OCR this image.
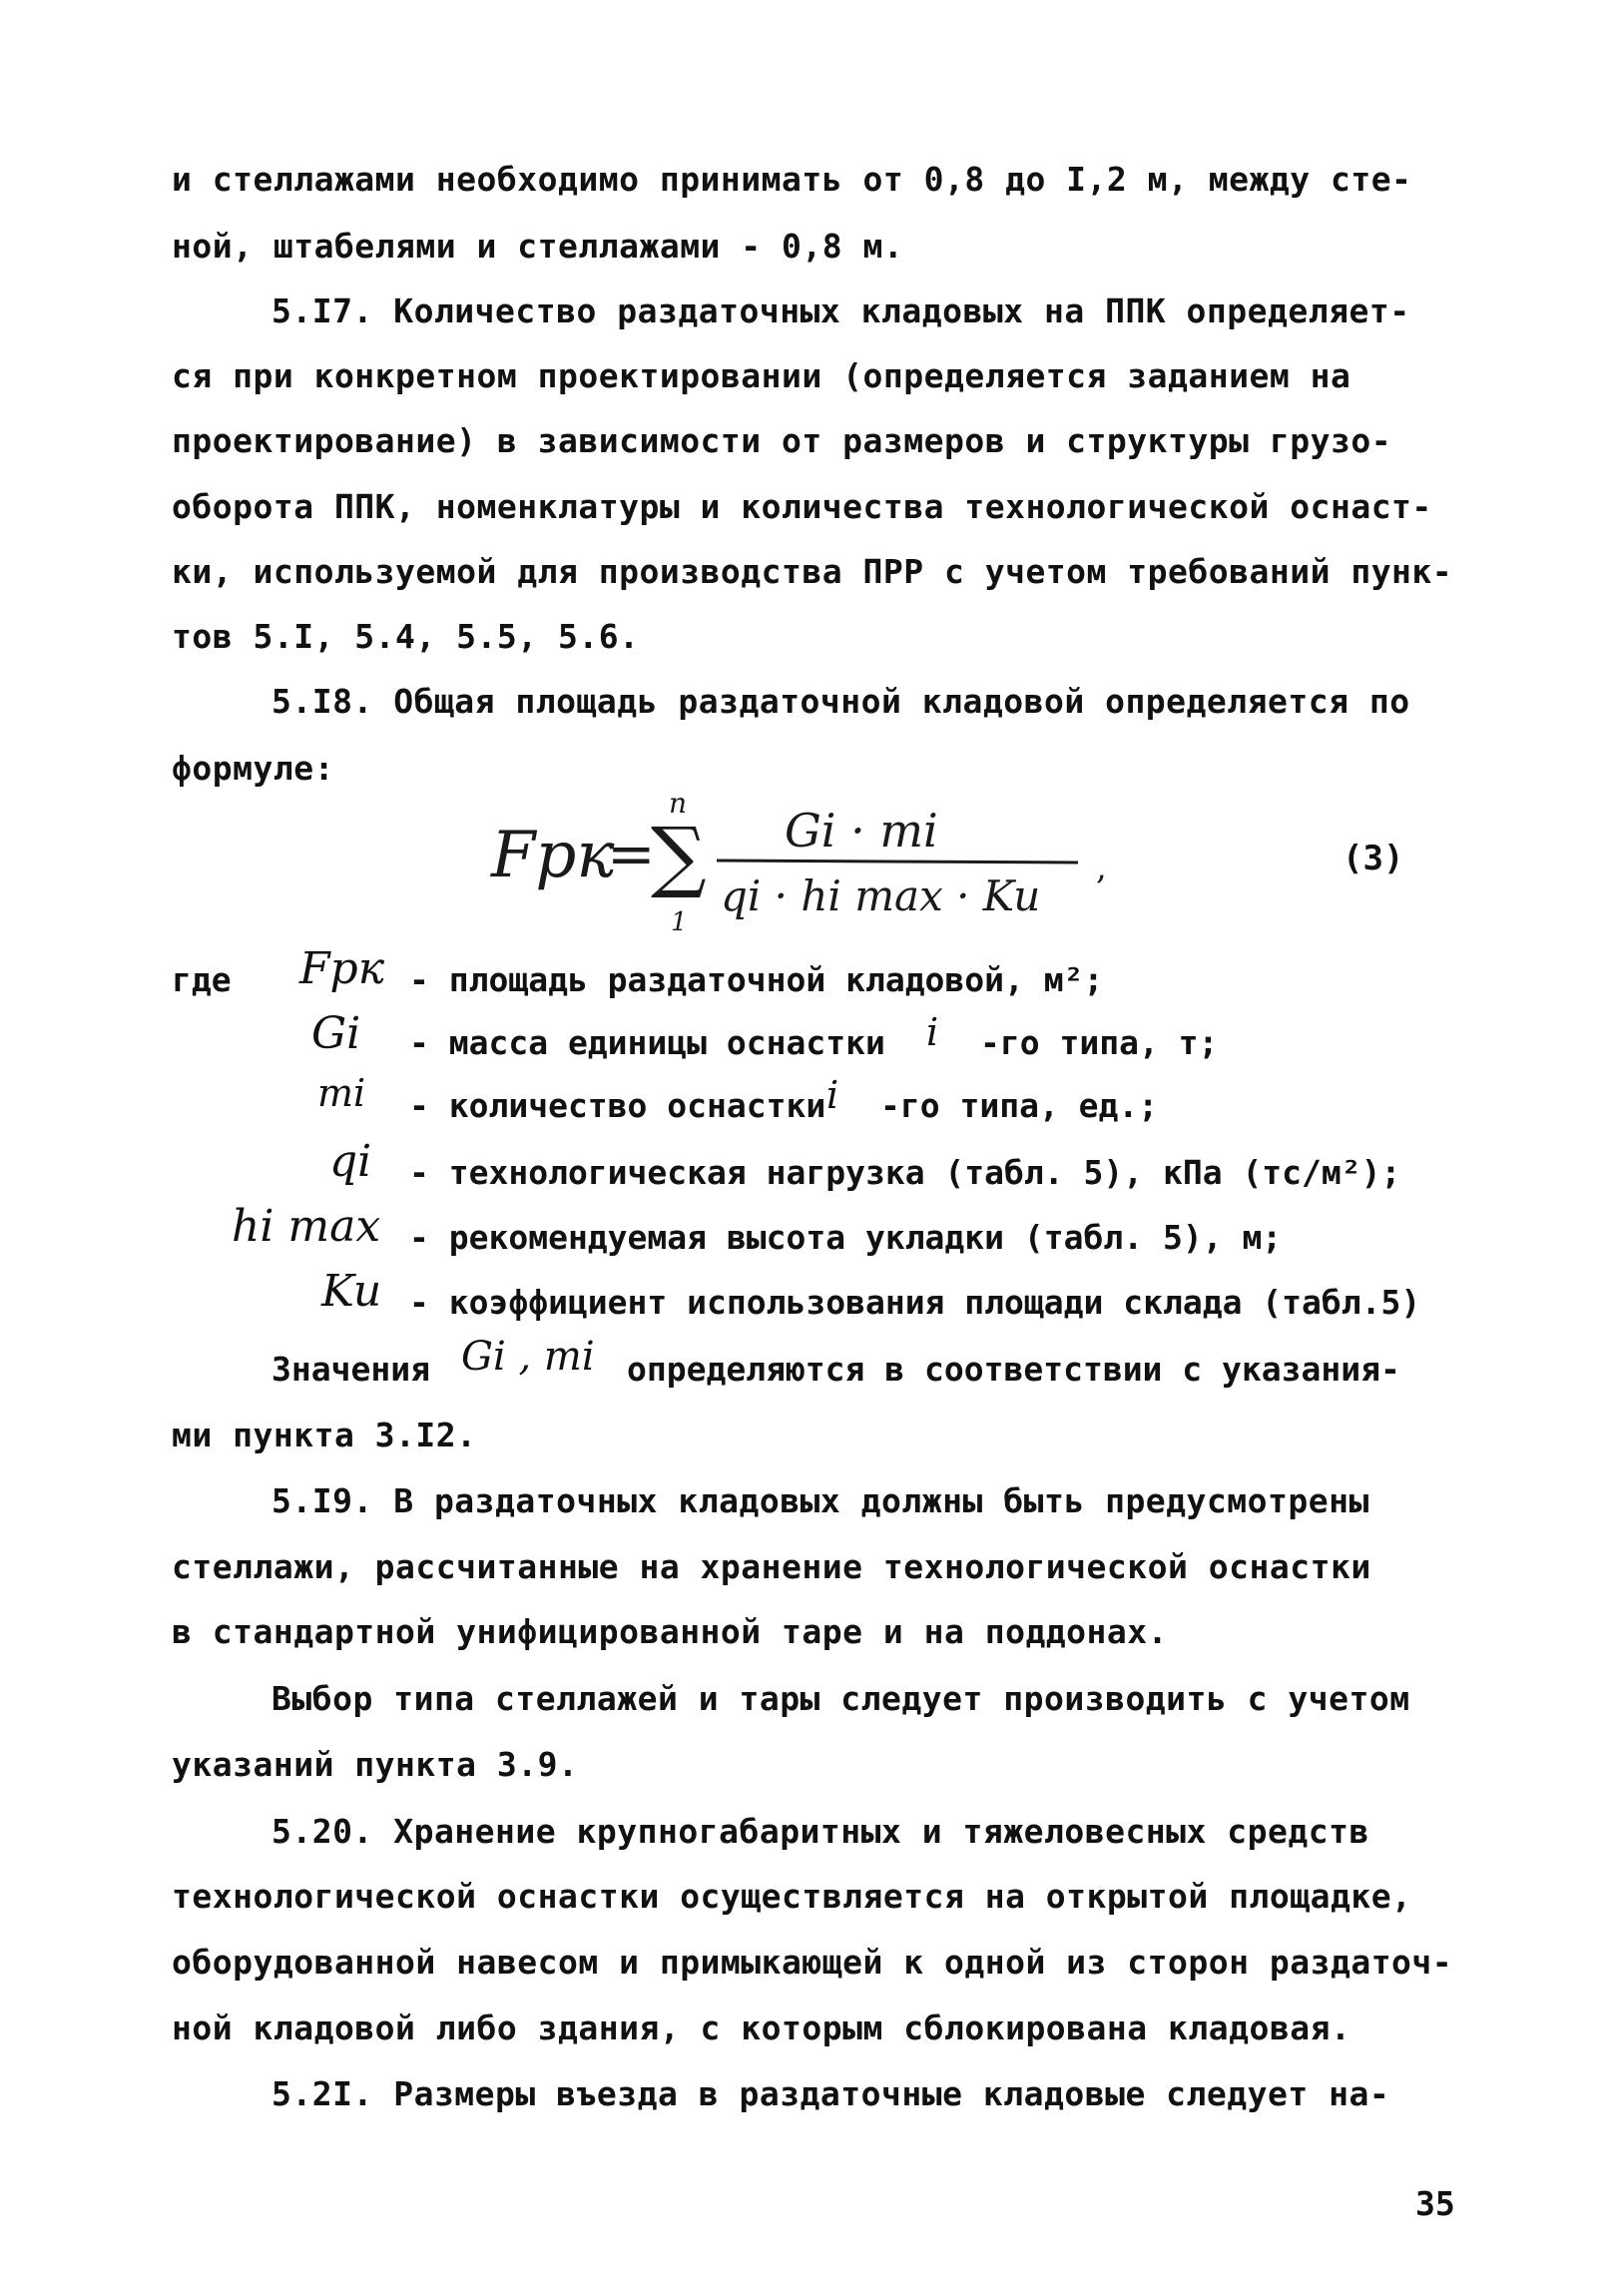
и стеллажами необходимо принимать от 0,8 до I,2 м, между сте-
ной, штабелями и стеллажами - 0,8 м.
5.I7. Количество раздаточных кладовых на ППК определяет-
ся при конкретном проектировании (определяется заданием на
проектирование) в зависимости от размеров и структуры грузо-
оборота ППК, номенклатуры и количества технологической оснаст-
ки, используемой для производства ПРР с учетом требований пунк-
тов 5.I, 5.4, 5.5, 5.6.
5.I8. Общая площадь раздаточной кладовой определяется по
формуле:
Fрк
=
∑
n
1
Gi · mi
qi · hi max · Ku
,	(3)
где Fрк - площадь раздаточной кладовой, м²;
Gi - масса единицы оснастки i -го типа, т;
mi - количество оснастки i -го типа, ед.;
qi - технологическая нагрузка (табл. 5), кПа (тс/м²);
hi max - рекомендуемая высота укладки (табл. 5), м;
Ku - коэффициент использования площади склада (табл.5)
Значения Gi , mi определяются в соответствии с указания-
ми пункта 3.I2.
5.I9. В раздаточных кладовых должны быть предусмотрены
стеллажи, рассчитанные на хранение технологической оснастки
в стандартной унифицированной таре и на поддонах.
Выбор типа стеллажей и тары следует производить с учетом
указаний пункта 3.9.
5.20. Хранение крупногабаритных и тяжеловесных средств
технологической оснастки осуществляется на открытой площадке,
оборудованной навесом и примыкающей к одной из сторон раздаточ-
ной кладовой либо здания, с которым сблокирована кладовая.
5.2I. Размеры въезда в раздаточные кладовые следует на-
35
